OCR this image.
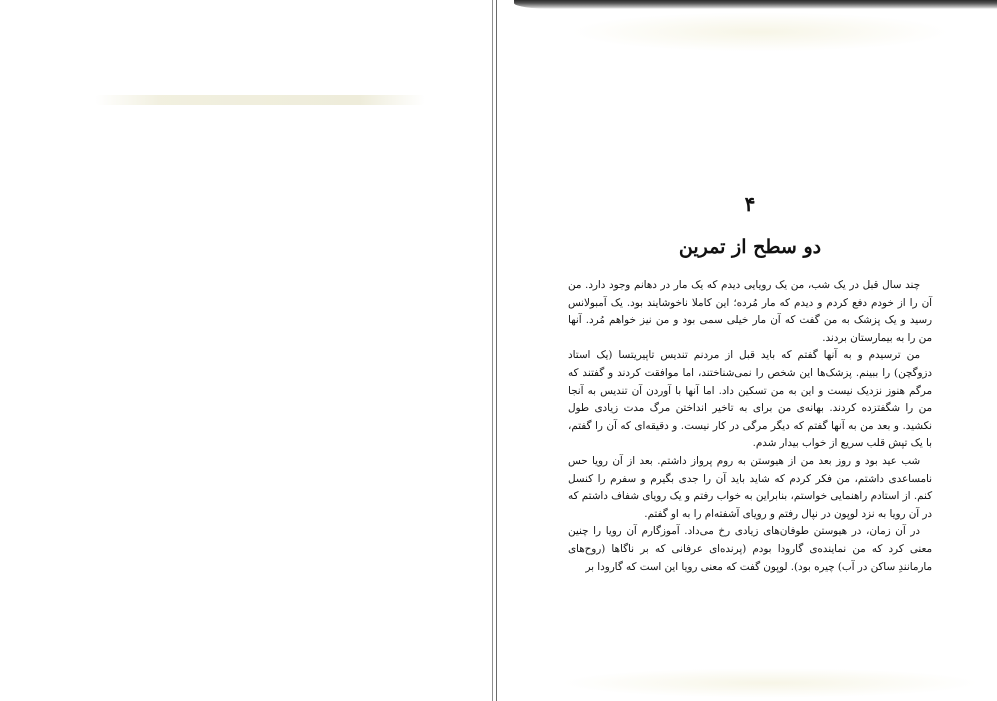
۴
دو سطح از تمرین

چند سال قبل در یک شب، من یک رویایی دیدم که یک مار در دهانم وجود دارد. من آن را از خودم دفع کردم و دیدم که مار مُرده؛ این کاملا ناخوشایند بود. یک آمبولانس رسید و یک پزشک به من گفت که آن مار خیلی سمی بود و من نیز خواهم مُرد. آنها من را به بیمارستان بردند.

من ترسیدم و به آنها گفتم که باید قبل از مردنم تندیس تاپیریتسا (یک استاد دزوگچن) را ببینم. پزشک‌ها این شخص را نمی‌شناختند، اما موافقت کردند و گفتند که مرگم هنوز نزدیک نیست و این به من تسکین داد. اما آنها با آوردن آن تندیس به آنجا من را شگفتزده کردند. بهانه‌ی من برای به تاخیر انداختن مرگ مدت زیادی طول نکشید. و بعد من به آنها گفتم که دیگر مرگی در کار نیست. و دقیقه‌ای که آن را گفتم، با یک تپش قلب سریع از خواب بیدار شدم.

شب عید بود و روز بعد من از هیوستن به روم پرواز داشتم. بعد از آن رویا حس نامساعدی داشتم، من فکر کردم که شاید باید آن را جدی بگیرم و سفرم را کنسل کنم. از استادم راهنمایی خواستم، بنابراین به خواب رفتم و یک رویای شفاف داشتم که در آن رویا به نزد لوپون در نپال رفتم و رویای آشفته‌ام را به او گفتم.

در آن زمان، در هیوستن طوفان‌های زیادی رخ می‌داد. آموزگارم آن رویا را چنین معنی کرد که من نماینده‌ی گارودا بودم (پرنده‌ای عرفانی که بر ناگاها (روح‌های مارمانندِ ساکن در آب) چیره بود). لوپون گفت که معنی رویا این است که گارودا بر
